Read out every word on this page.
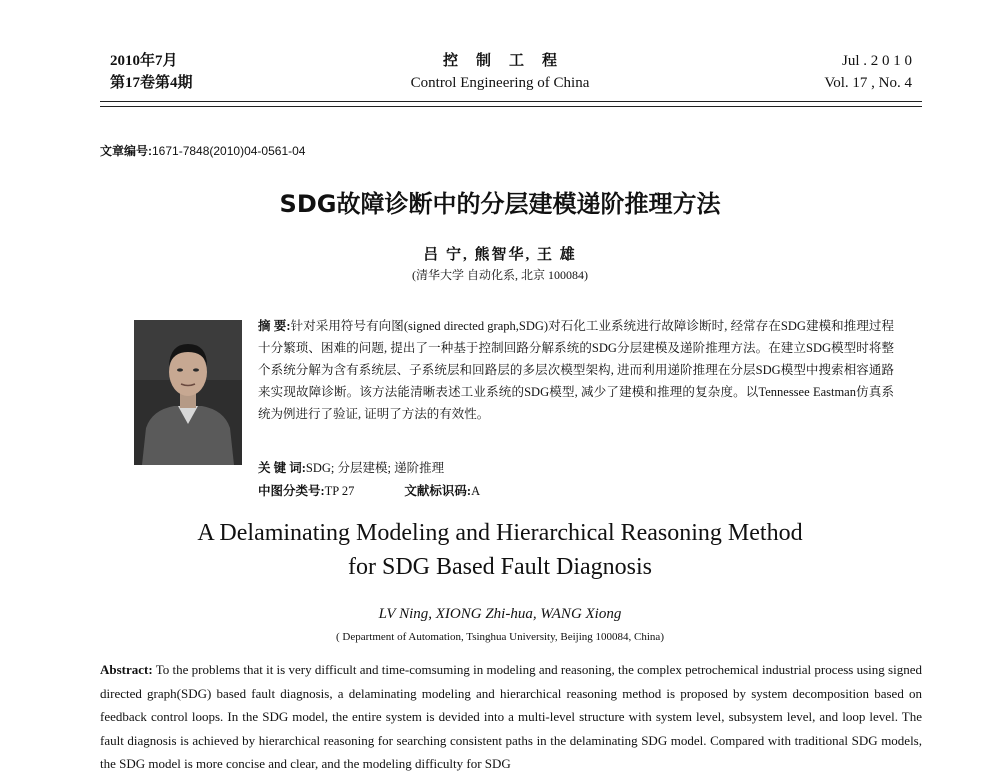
2010年7月
第17卷第4期
控制工程
Control Engineering of China
Jul . 2 0 1 0
Vol. 17 , No. 4
文章编号:1671-7848(2010)04-0561-04
SDG故障诊断中的分层建模递阶推理方法
吕 宁, 熊智华, 王 雄
(清华大学 自动化系, 北京 100084)
摘 要:针对采用符号有向图(signed directed graph,SDG)对石化工业系统进行故障诊断时, 经常存在SDG建模和推理过程十分繁琐、困难的问题, 提出了一种基于控制回路分解系统的SDG分层建模及递阶推理方法。在建立SDG模型时将整个系统分解为含有系统层、子系统层和回路层的多层次模型架构, 进而利用递阶推理在分层SDG模型中搜索相容通路来实现故障诊断。该方法能清晰表述工业系统的SDG模型, 减少了建模和推理的复杂度。以Tennessee Eastman仿真系统为例进行了验证, 证明了方法的有效性。
关 键 词:SDG; 分层建模; 递阶推理
中图分类号:TP 27	文献标识码:A
A Delaminating Modeling and Hierarchical Reasoning Method
for SDG Based Fault Diagnosis
LV Ning, XIONG Zhi-hua, WANG Xiong
( Department of Automation, Tsinghua University, Beijing 100084, China)
Abstract: To the problems that it is very difficult and time-comsuming in modeling and reasoning, the complex petrochemical industrial process using signed directed graph(SDG) based fault diagnosis, a delaminating modeling and hierarchical reasoning method is proposed by system decomposition based on feedback control loops. In the SDG model, the entire system is devided into a multi-level structure with system level, subsystem level, and loop level. The fault diagnosis is achieved by hierarchical reasoning for searching consistent paths in the delaminating SDG model. Compared with traditional SDG models, the SDG model is more concise and clear, and the modeling difficulty for SDG
